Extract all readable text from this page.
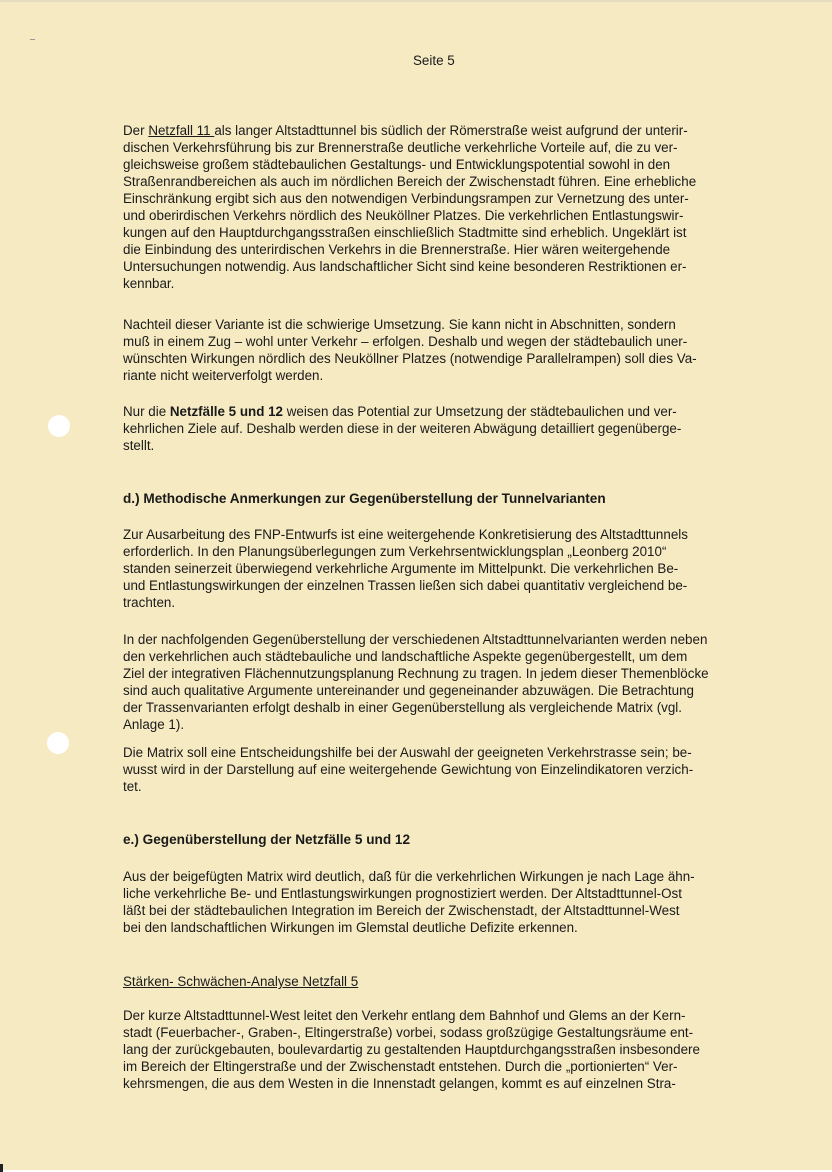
Seite 5

Der Netzfall 11 als langer Altstadttunnel bis südlich der Römerstraße weist aufgrund der unterir-
dischen Verkehrsführung bis zur Brennerstraße deutliche verkehrliche Vorteile auf, die zu ver-
gleichsweise großem städtebaulichen Gestaltungs- und Entwicklungspotential sowohl in den
Straßenrandbereichen als auch im nördlichen Bereich der Zwischenstadt führen. Eine erhebliche
Einschränkung ergibt sich aus den notwendigen Verbindungsrampen zur Vernetzung des unter-
und oberirdischen Verkehrs nördlich des Neuköllner Platzes. Die verkehrlichen Entlastungswir-
kungen auf den Hauptdurchgangsstraßen einschließlich Stadtmitte sind erheblich. Ungeklärt ist
die Einbindung des unterirdischen Verkehrs in die Brennerstraße. Hier wären weitergehende
Untersuchungen notwendig. Aus landschaftlicher Sicht sind keine besonderen Restriktionen er-
kennbar.

Nachteil dieser Variante ist die schwierige Umsetzung. Sie kann nicht in Abschnitten, sondern
muß in einem Zug – wohl unter Verkehr – erfolgen. Deshalb und wegen der städtebaulich uner-
wünschten Wirkungen nördlich des Neuköllner Platzes (notwendige Parallelrampen) soll dies Va-
riante nicht weiterverfolgt werden.

Nur die Netzfälle 5 und 12 weisen das Potential zur Umsetzung der städtebaulichen und ver-
kehrlichen Ziele auf. Deshalb werden diese in der weiteren Abwägung detailliert gegenüberge-
stellt.

d.) Methodische Anmerkungen zur Gegenüberstellung der Tunnelvarianten

Zur Ausarbeitung des FNP-Entwurfs ist eine weitergehende Konkretisierung des Altstadttunnels
erforderlich. In den Planungsüberlegungen zum Verkehrsentwicklungsplan „Leonberg 2010“
standen seinerzeit überwiegend verkehrliche Argumente im Mittelpunkt. Die verkehrlichen Be-
und Entlastungswirkungen der einzelnen Trassen ließen sich dabei quantitativ vergleichend be-
trachten.

In der nachfolgenden Gegenüberstellung der verschiedenen Altstadttunnelvarianten werden neben
den verkehrlichen auch städtebauliche und landschaftliche Aspekte gegenübergestellt, um dem
Ziel der integrativen Flächennutzungsplanung Rechnung zu tragen. In jedem dieser Themenblöcke
sind auch qualitative Argumente untereinander und gegeneinander abzuwägen. Die Betrachtung
der Trassenvarianten erfolgt deshalb in einer Gegenüberstellung als vergleichende Matrix (vgl.
Anlage 1).

Die Matrix soll eine Entscheidungshilfe bei der Auswahl der geeigneten Verkehrstrasse sein; be-
wusst wird in der Darstellung auf eine weitergehende Gewichtung von Einzelindikatoren verzich-
tet.

e.) Gegenüberstellung der Netzfälle 5 und 12

Aus der beigefügten Matrix wird deutlich, daß für die verkehrlichen Wirkungen je nach Lage ähn-
liche verkehrliche Be- und Entlastungswirkungen prognostiziert werden. Der Altstadttunnel-Ost
läßt bei der städtebaulichen Integration im Bereich der Zwischenstadt, der Altstadttunnel-West
bei den landschaftlichen Wirkungen im Glemstal deutliche Defizite erkennen.

Stärken- Schwächen-Analyse Netzfall 5

Der kurze Altstadttunnel-West leitet den Verkehr entlang dem Bahnhof und Glems an der Kern-
stadt (Feuerbacher-, Graben-, Eltingerstraße) vorbei, sodass großzügige Gestaltungsräume ent-
lang der zurückgebauten, boulevardartig zu gestaltenden Hauptdurchgangsstraßen insbesondere
im Bereich der Eltingerstraße und der Zwischenstadt entstehen. Durch die „portionierten“ Ver-
kehrsmengen, die aus dem Westen in die Innenstadt gelangen, kommt es auf einzelnen Stra-
